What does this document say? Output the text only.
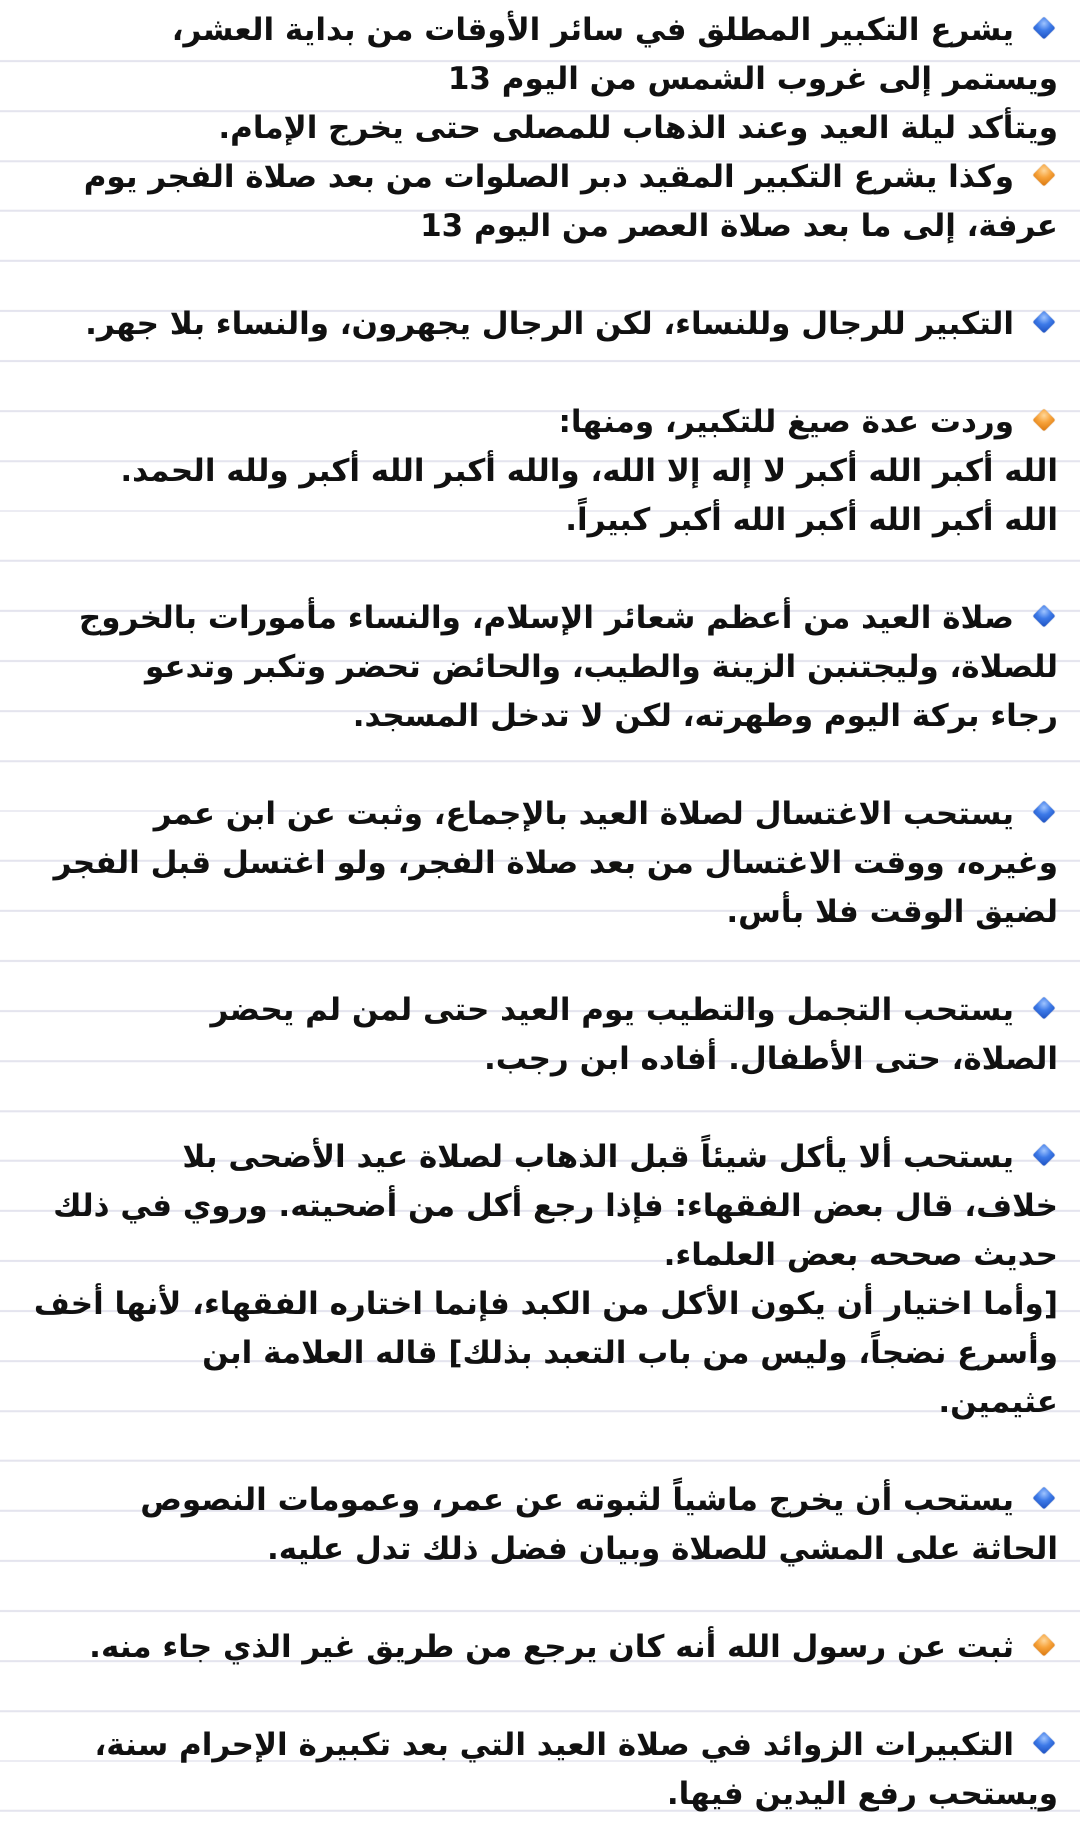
يشرع التكبير المطلق في سائر الأوقات من بداية العشر،
ويستمر إلى غروب الشمس من اليوم 13
ويتأكد ليلة العيد وعند الذهاب للمصلى حتى يخرج الإمام.
وكذا يشرع التكبير المقيد دبر الصلوات من بعد صلاة الفجر يوم
عرفة، إلى ما بعد صلاة العصر من اليوم 13
التكبير للرجال وللنساء، لكن الرجال يجهرون، والنساء بلا جهر.
وردت عدة صيغ للتكبير، ومنها:
الله أكبر الله أكبر لا إله إلا الله، والله أكبر الله أكبر ولله الحمد.
الله أكبر الله أكبر الله أكبر كبيراً.
صلاة العيد من أعظم شعائر الإسلام، والنساء مأمورات بالخروج
للصلاة، وليجتنبن الزينة والطيب، والحائض تحضر وتكبر وتدعو
رجاء بركة اليوم وطهرته، لكن لا تدخل المسجد.
يستحب الاغتسال لصلاة العيد بالإجماع، وثبت عن ابن عمر
وغيره، ووقت الاغتسال من بعد صلاة الفجر، ولو اغتسل قبل الفجر
لضيق الوقت فلا بأس.
يستحب التجمل والتطيب يوم العيد حتى لمن لم يحضر
الصلاة، حتى الأطفال. أفاده ابن رجب.
يستحب ألا يأكل شيئاً قبل الذهاب لصلاة عيد الأضحى بلا
خلاف، قال بعض الفقهاء: فإذا رجع أكل من أضحيته. وروي في ذلك
حديث صححه بعض العلماء.
[وأما اختيار أن يكون الأكل من الكبد فإنما اختاره الفقهاء، لأنها أخف
وأسرع نضجاً، وليس من باب التعبد بذلك] قاله العلامة ابن
عثيمين.
يستحب أن يخرج ماشياً لثبوته عن عمر، وعمومات النصوص
الحاثة على المشي للصلاة وبيان فضل ذلك تدل عليه.
ثبت عن رسول الله أنه كان يرجع من طريق غير الذي جاء منه.
التكبيرات الزوائد في صلاة العيد التي بعد تكبيرة الإحرام سنة،
ويستحب رفع اليدين فيها.
